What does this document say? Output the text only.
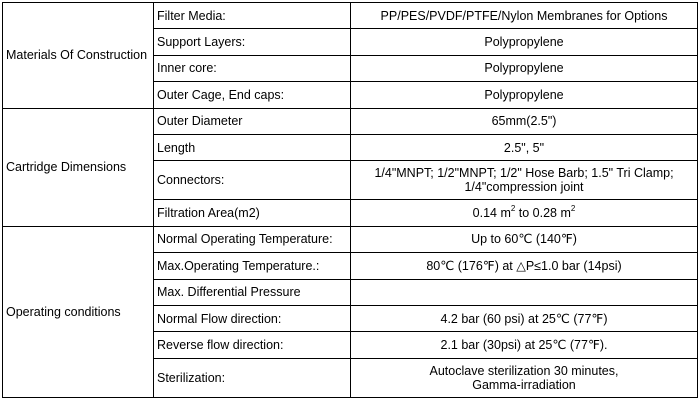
Materials Of Construction	Filter Media:	PP/PES/PVDF/PTFE/Nylon Membranes for Options
	Support Layers:	Polypropylene
	Inner core:	Polypropylene
	Outer Cage, End caps:	Polypropylene
Cartridge Dimensions	Outer Diameter	65mm(2.5")
	Length	2.5", 5"
	Connectors:	1/4"MNPT; 1/2"MNPT; 1/2" Hose Barb; 1.5" Tri Clamp;
1/4"compression joint

	Filtration Area(m2)	0.14 $m^2$ to 0.28 $m^2$
Operating conditions	Normal Operating Temperature:	Up to 60℃ (140℉)
	Max.Operating Temperature.:	80℃ (176℉) at △P≤1.0 bar (14psi)
	Max. Differential Pressure	
	Normal Flow direction:	4.2 bar (60 psi) at 25℃ (77℉)
	Reverse flow direction:	2.1 bar (30psi) at 25℃ (77℉).
	Sterilization:	Autoclave sterilization 30 minutes,
Gamma-irradiation
